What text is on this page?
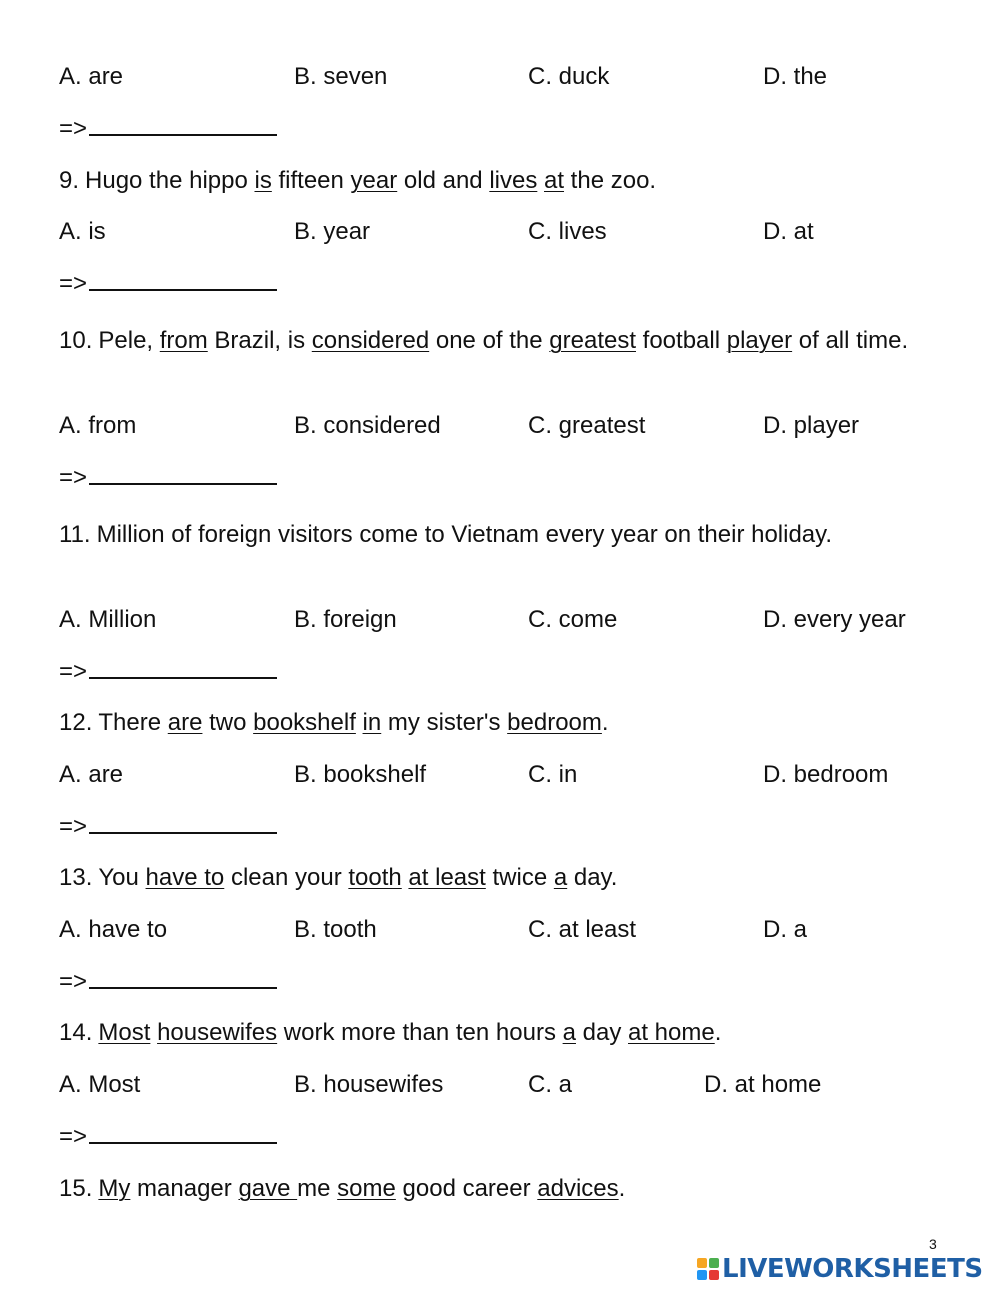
A. are	B. seven	C. duck	D. the
=>
9. Hugo the hippo is fifteen year old and lives at the zoo.
A. is	B. year	C. lives	D. at
=>
10. Pele, from Brazil, is considered one of the greatest football player of all time.
A. from	B. considered	C. greatest	D. player
=>
11. Million of foreign visitors come to Vietnam every year on their holiday.
A. Million	B. foreign	C. come	D. every year
=>
12. There are two bookshelf in my sister's bedroom.
A. are	B. bookshelf	C. in	D. bedroom
=>
13. You have to clean your tooth at least twice a day.
A. have to	B. tooth	C. at least	D. a
=>
14. Most housewifes work more than ten hours a day at home.
A. Most	B. housewifes	C. a	D. at home
=>
15. My manager gave me some good career advices.
3
LIVEWORKSHEETS
